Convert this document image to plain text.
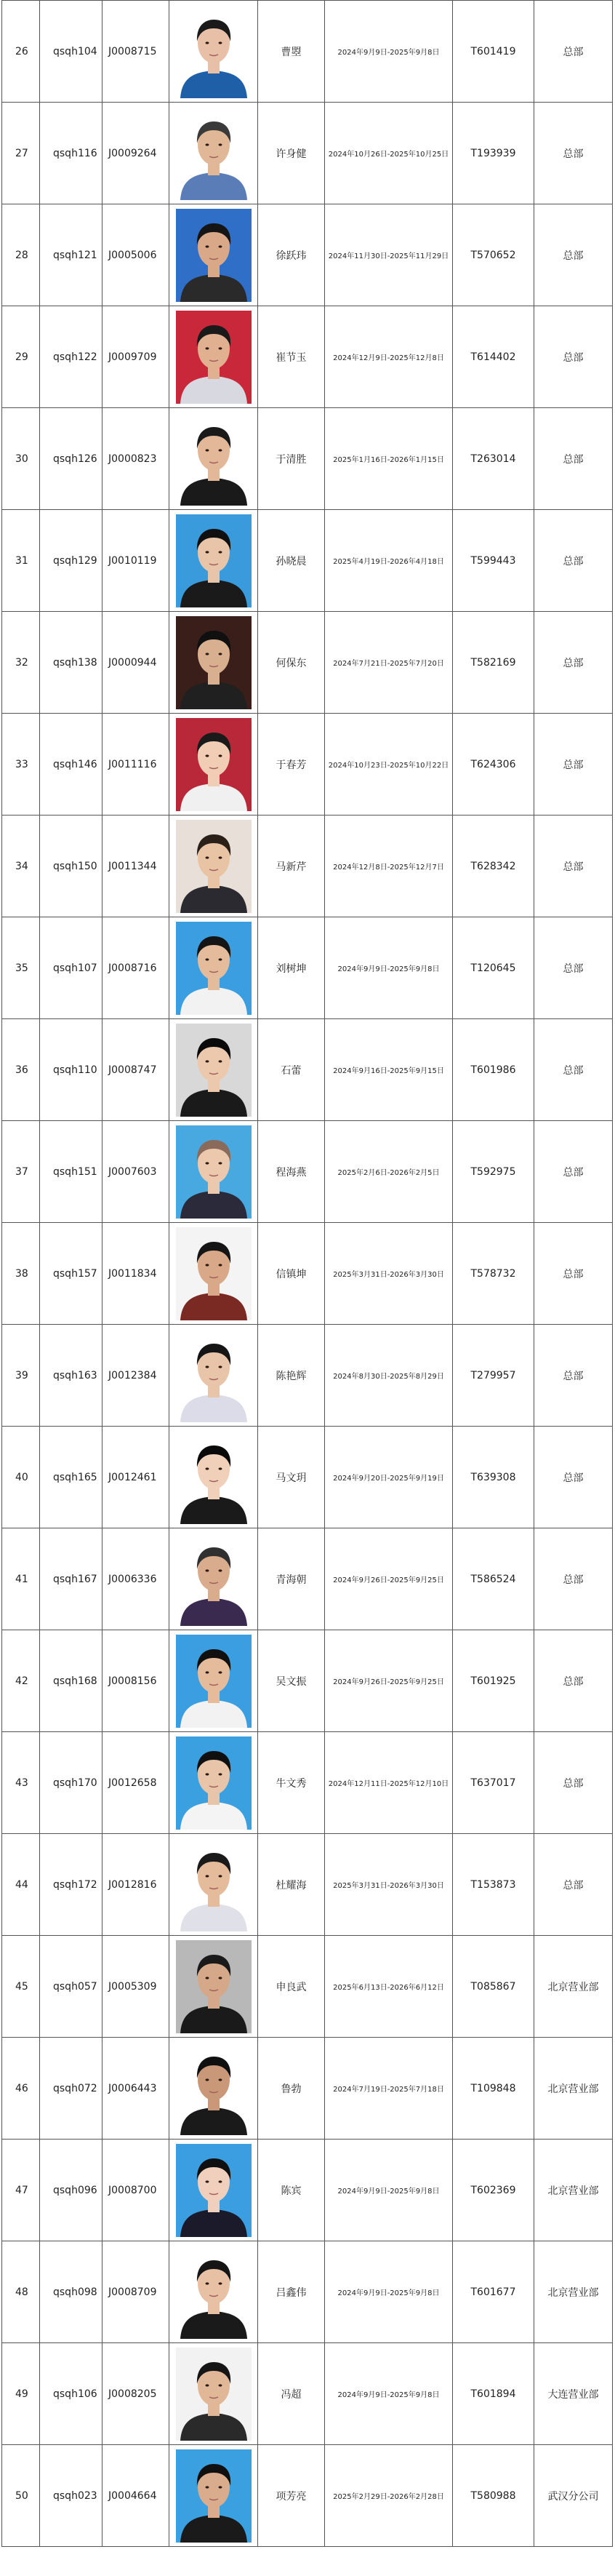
26	qsqh104	J0008715		曹曌	2024年9月9日-2025年9月8日	T601419	总部
27	qsqh116	J0009264		许身健	2024年10月26日-2025年10月25日	T193939	总部
28	qsqh121	J0005006		徐跃玮	2024年11月30日-2025年11月29日	T570652	总部
29	qsqh122	J0009709		崔节玉	2024年12月9日-2025年12月8日	T614402	总部
30	qsqh126	J0000823		于清胜	2025年1月16日-2026年1月15日	T263014	总部
31	qsqh129	J0010119		孙晓晨	2025年4月19日-2026年4月18日	T599443	总部
32	qsqh138	J0000944		何保东	2024年7月21日-2025年7月20日	T582169	总部
33	qsqh146	J0011116		于春芳	2024年10月23日-2025年10月22日	T624306	总部
34	qsqh150	J0011344		马新芹	2024年12月8日-2025年12月7日	T628342	总部
35	qsqh107	J0008716		刘树坤	2024年9月9日-2025年9月8日	T120645	总部
36	qsqh110	J0008747		石蕾	2024年9月16日-2025年9月15日	T601986	总部
37	qsqh151	J0007603		程海燕	2025年2月6日-2026年2月5日	T592975	总部
38	qsqh157	J0011834		信镇坤	2025年3月31日-2026年3月30日	T578732	总部
39	qsqh163	J0012384		陈艳辉	2024年8月30日-2025年8月29日	T279957	总部
40	qsqh165	J0012461		马文玥	2024年9月20日-2025年9月19日	T639308	总部
41	qsqh167	J0006336		青海朝	2024年9月26日-2025年9月25日	T586524	总部
42	qsqh168	J0008156		吴文振	2024年9月26日-2025年9月25日	T601925	总部
43	qsqh170	J0012658		牛文秀	2024年12月11日-2025年12月10日	T637017	总部
44	qsqh172	J0012816		杜耀海	2025年3月31日-2026年3月30日	T153873	总部
45	qsqh057	J0005309		申良武	2025年6月13日-2026年6月12日	T085867	北京营业部
46	qsqh072	J0006443		鲁勃	2024年7月19日-2025年7月18日	T109848	北京营业部
47	qsqh096	J0008700		陈宾	2024年9月9日-2025年9月8日	T602369	北京营业部
48	qsqh098	J0008709		吕鑫伟	2024年9月9日-2025年9月8日	T601677	北京营业部
49	qsqh106	J0008205		冯超	2024年9月9日-2025年9月8日	T601894	大连营业部
50	qsqh023	J0004664		项芳亮	2025年2月29日-2026年2月28日	T580988	武汉分公司
